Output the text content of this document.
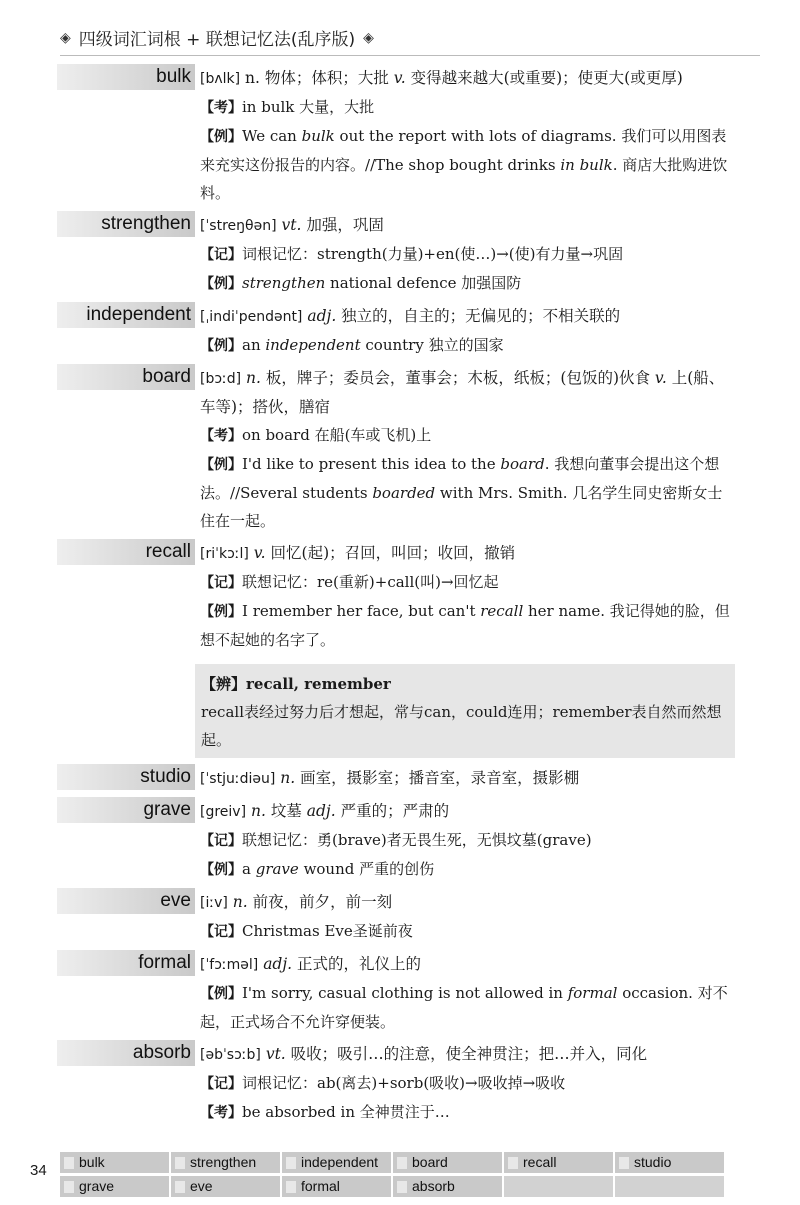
◈ 四级词汇词根 + 联想记忆法(乱序版) ◈
bulk [bʌlk] n. 物体；体积；大批 v. 变得越来越大(或重要)；使更大(或更厚)
【考】in bulk 大量，大批
【例】We can bulk out the report with lots of diagrams. 我们可以用图表来充实这份报告的内容。//The shop bought drinks in bulk. 商店大批购进饮料。
strengthen [ˈstreŋθən] vt. 加强，巩固
【记】词根记忆：strength(力量)+en(使…)→(使)有力量→巩固
【例】strengthen national defence 加强国防
independent [ˌindiˈpendənt] adj. 独立的，自主的；无偏见的；不相关联的
【例】an independent country 独立的国家
board [bɔːd] n. 板，牌子；委员会，董事会；木板，纸板；(包饭的)伙食 v. 上(船、车等)；搭伙，膳宿
【考】on board 在船(车或飞机)上
【例】I'd like to present this idea to the board. 我想向董事会提出这个想法。//Several students boarded with Mrs. Smith. 几名学生同史密斯女士住在一起。
recall [riˈkɔːl] v. 回忆(起)；召回，叫回；收回，撤销
【记】联想记忆：re(重新)+call(叫)→回忆起
【例】I remember her face, but can't recall her name. 我记得她的脸，但想不起她的名字了。
【辨】recall, remember
recall表经过努力后才想起，常与can，could连用；remember表自然而然想起。
studio [ˈstjuːdiəu] n. 画室，摄影室；播音室，录音室，摄影棚
grave [greiv] n. 坟墓 adj. 严重的；严肃的
【记】联想记忆：勇(brave)者无畏生死，无惧坟墓(grave)
【例】a grave wound 严重的创伤
eve [iːv] n. 前夜，前夕，前一刻
【记】Christmas Eve圣诞前夜
formal [ˈfɔːməl] adj. 正式的，礼仪上的
【例】I'm sorry, casual clothing is not allowed in formal occasion. 对不起，正式场合不允许穿便装。
absorb [əbˈsɔːb] vt. 吸收；吸引…的注意，使全神贯注；把…并入，同化
【记】词根记忆：ab(离去)+sorb(吸收)→吸收掉→吸收
【考】be absorbed in 全神贯注于…
34 bulk	strengthen	independent board	recall	studio
grave	eve	formal	absorb
